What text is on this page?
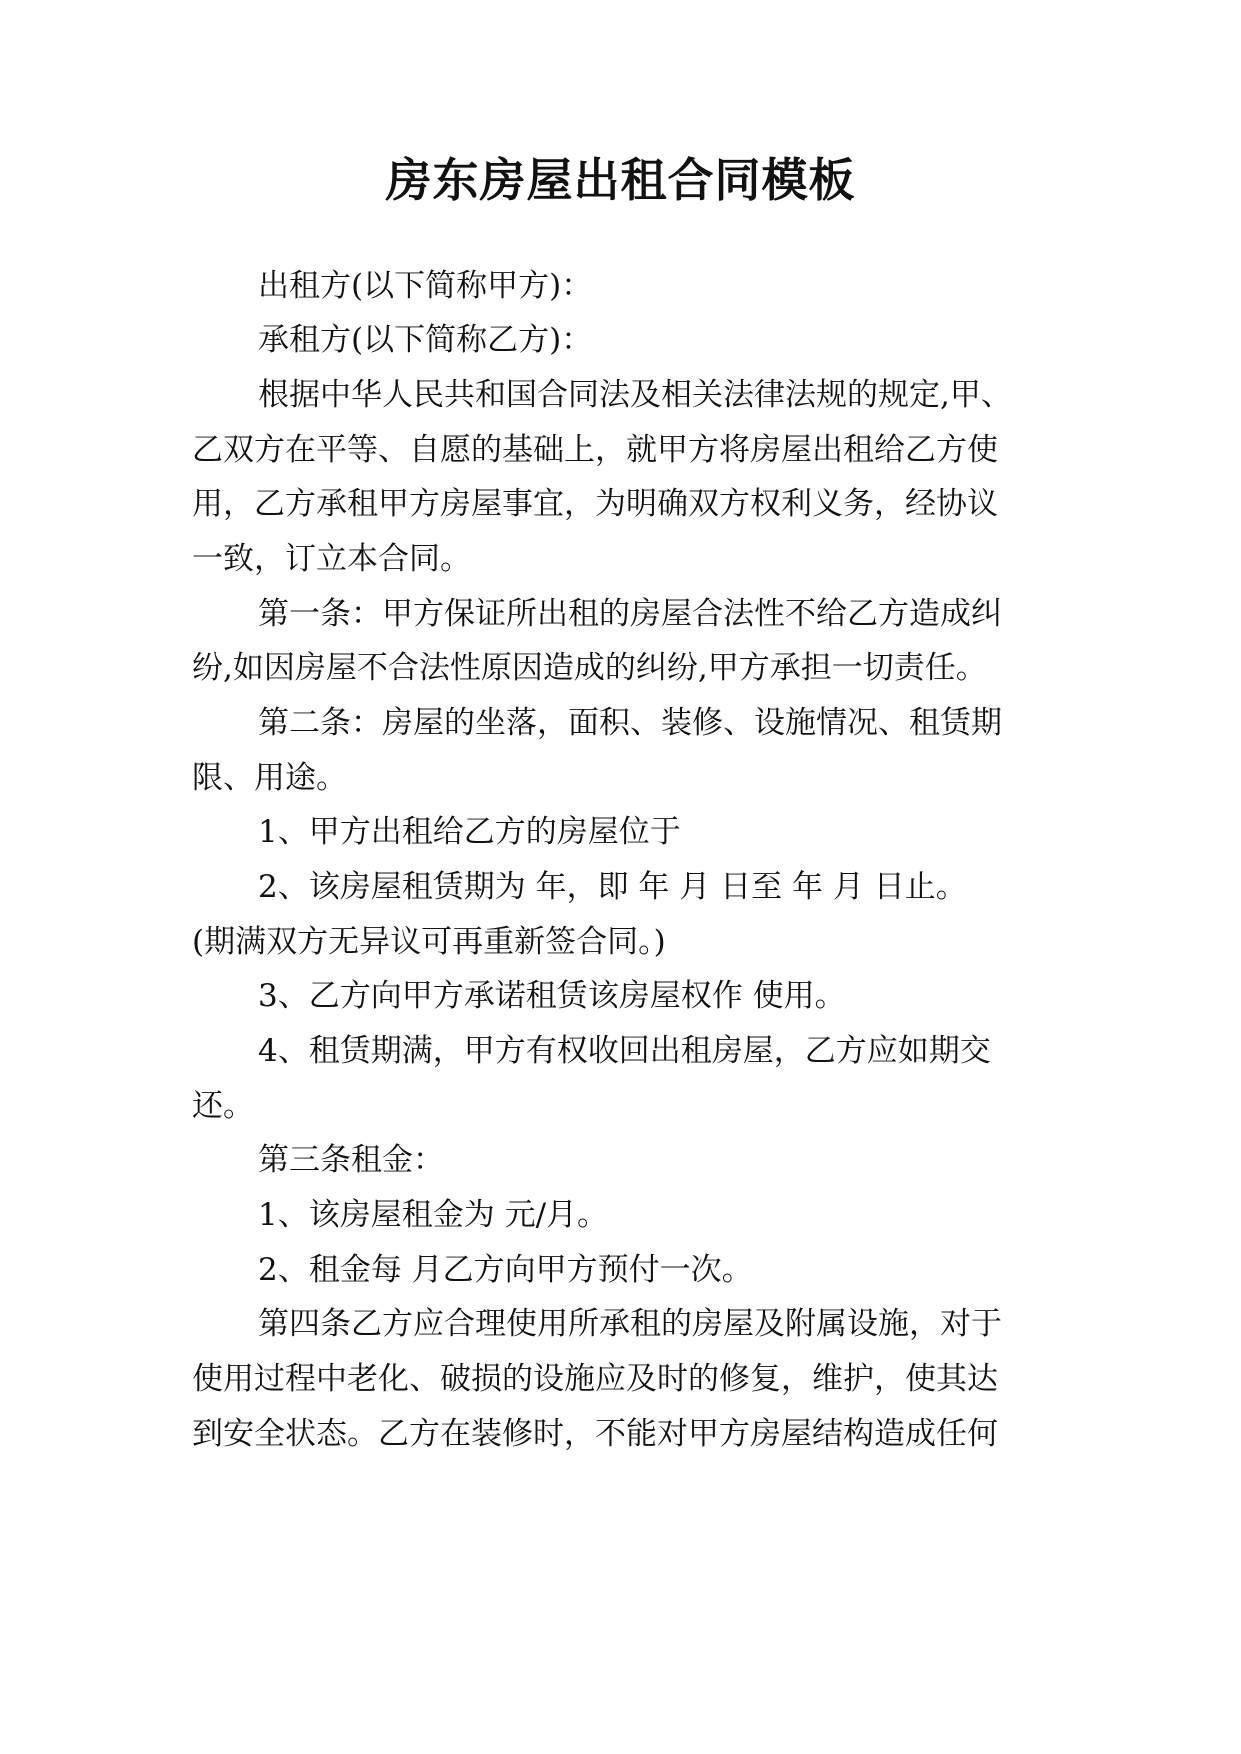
房东房屋出租合同模板

出租方(以下简称甲方)：

承租方(以下简称乙方)：

根据中华人民共和国合同法及相关法律法规的规定,甲、

乙双方在平等、自愿的基础上，就甲方将房屋出租给乙方使

用，乙方承租甲方房屋事宜，为明确双方权利义务，经协议

一致，订立本合同。

第一条：甲方保证所出租的房屋合法性不给乙方造成纠

纷,如因房屋不合法性原因造成的纠纷,甲方承担一切责任。

第二条：房屋的坐落，面积、装修、设施情况、租赁期

限、用途。

1、甲方出租给乙方的房屋位于

2、该房屋租赁期为 年，即 年 月 日至 年 月 日止。

(期满双方无异议可再重新签合同。)

3、乙方向甲方承诺租赁该房屋权作 使用。

4、租赁期满，甲方有权收回出租房屋，乙方应如期交

还。

第三条租金：

1、该房屋租金为 元/月。

2、租金每 月乙方向甲方预付一次。

第四条乙方应合理使用所承租的房屋及附属设施，对于

使用过程中老化、破损的设施应及时的修复，维护，使其达

到安全状态。乙方在装修时，不能对甲方房屋结构造成任何
